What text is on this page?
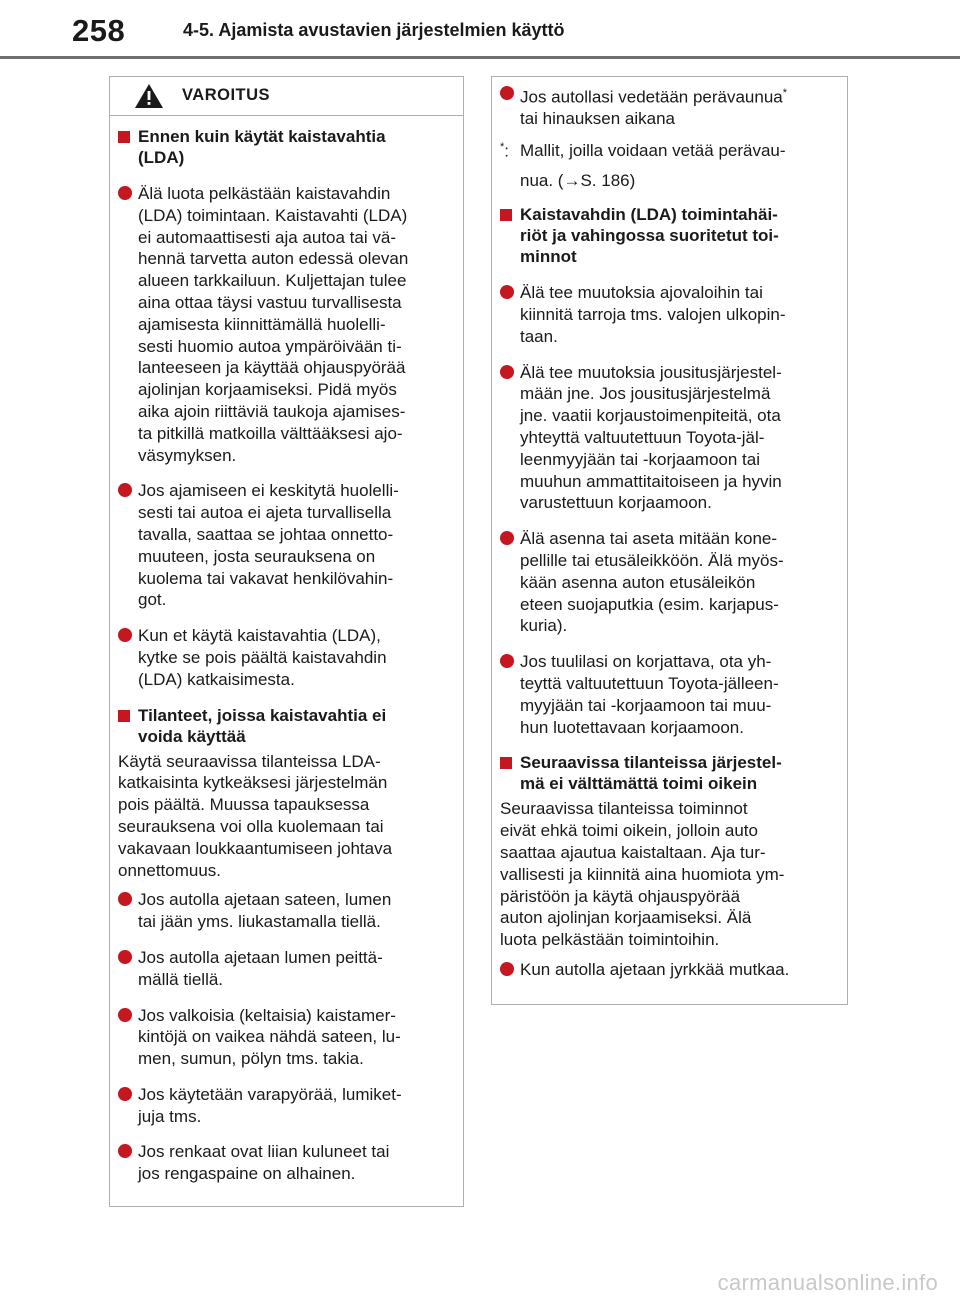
258	4-5. Ajamista avustavien järjestelmien käyttö
VAROITUS
Ennen kuin käytät kaistavahtia
(LDA)
Älä luota pelkästään kaistavahdin
(LDA) toimintaan. Kaistavahti (LDA)
ei automaattisesti aja autoa tai vä-
hennä tarvetta auton edessä olevan
alueen tarkkailuun. Kuljettajan tulee
aina ottaa täysi vastuu turvallisesta
ajamisesta kiinnittämällä huolelli-
sesti huomio autoa ympäröivään ti-
lanteeseen ja käyttää ohjauspyörää
ajolinjan korjaamiseksi. Pidä myös
aika ajoin riittäviä taukoja ajamises-
ta pitkillä matkoilla välttääksesi ajo-
väsymyksen.
Jos ajamiseen ei keskitytä huolelli-
sesti tai autoa ei ajeta turvallisella
tavalla, saattaa se johtaa onnetto-
muuteen, josta seurauksena on
kuolema tai vakavat henkilövahin-
got.
Kun et käytä kaistavahtia (LDA),
kytke se pois päältä kaistavahdin
(LDA) katkaisimesta.
Tilanteet, joissa kaistavahtia ei
voida käyttää
Käytä seuraavissa tilanteissa LDA-
katkaisinta kytkeäksesi järjestelmän
pois päältä. Muussa tapauksessa
seurauksena voi olla kuolemaan tai
vakavaan loukkaantumiseen johtava
onnettomuus.
Jos autolla ajetaan sateen, lumen
tai jään yms. liukastamalla tiellä.
Jos autolla ajetaan lumen peittä-
mällä tiellä.
Jos valkoisia (keltaisia) kaistamer-
kintöjä on vaikea nähdä sateen, lu-
men, sumun, pölyn tms. takia.
Jos käytetään varapyörää, lumiket-
juja tms.
Jos renkaat ovat liian kuluneet tai
jos rengaspaine on alhainen.
Jos autollasi vedetään perävaunua*
tai hinauksen aikana
*: Mallit, joilla voidaan vetää perävau-
nua. (→S. 186)
Kaistavahdin (LDA) toimintahäi-
riöt ja vahingossa suoritetut toi-
minnot
Älä tee muutoksia ajovaloihin tai
kiinnitä tarroja tms. valojen ulkopin-
taan.
Älä tee muutoksia jousitusjärjestel-
mään jne. Jos jousitusjärjestelmä
jne. vaatii korjaustoimenpiteitä, ota
yhteyttä valtuutettuun Toyota-jäl-
leenmyyjään tai -korjaamoon tai
muuhun ammattitaitoiseen ja hyvin
varustettuun korjaamoon.
Älä asenna tai aseta mitään kone-
pellille tai etusäleikköön. Älä myös-
kään asenna auton etusäleikön
eteen suojaputkia (esim. karjapus-
kuria).
Jos tuulilasi on korjattava, ota yh-
teyttä valtuutettuun Toyota-jälleen-
myyjään tai -korjaamoon tai muu-
hun luotettavaan korjaamoon.
Seuraavissa tilanteissa järjestel-
mä ei välttämättä toimi oikein
Seuraavissa tilanteissa toiminnot
eivät ehkä toimi oikein, jolloin auto
saattaa ajautua kaistaltaan. Aja tur-
vallisesti ja kiinnitä aina huomiota ym-
päristöön ja käytä ohjauspyörää
auton ajolinjan korjaamiseksi. Älä
luota pelkästään toimintoihin.
Kun autolla ajetaan jyrkkää mutkaa.
carmanualsonline.info
